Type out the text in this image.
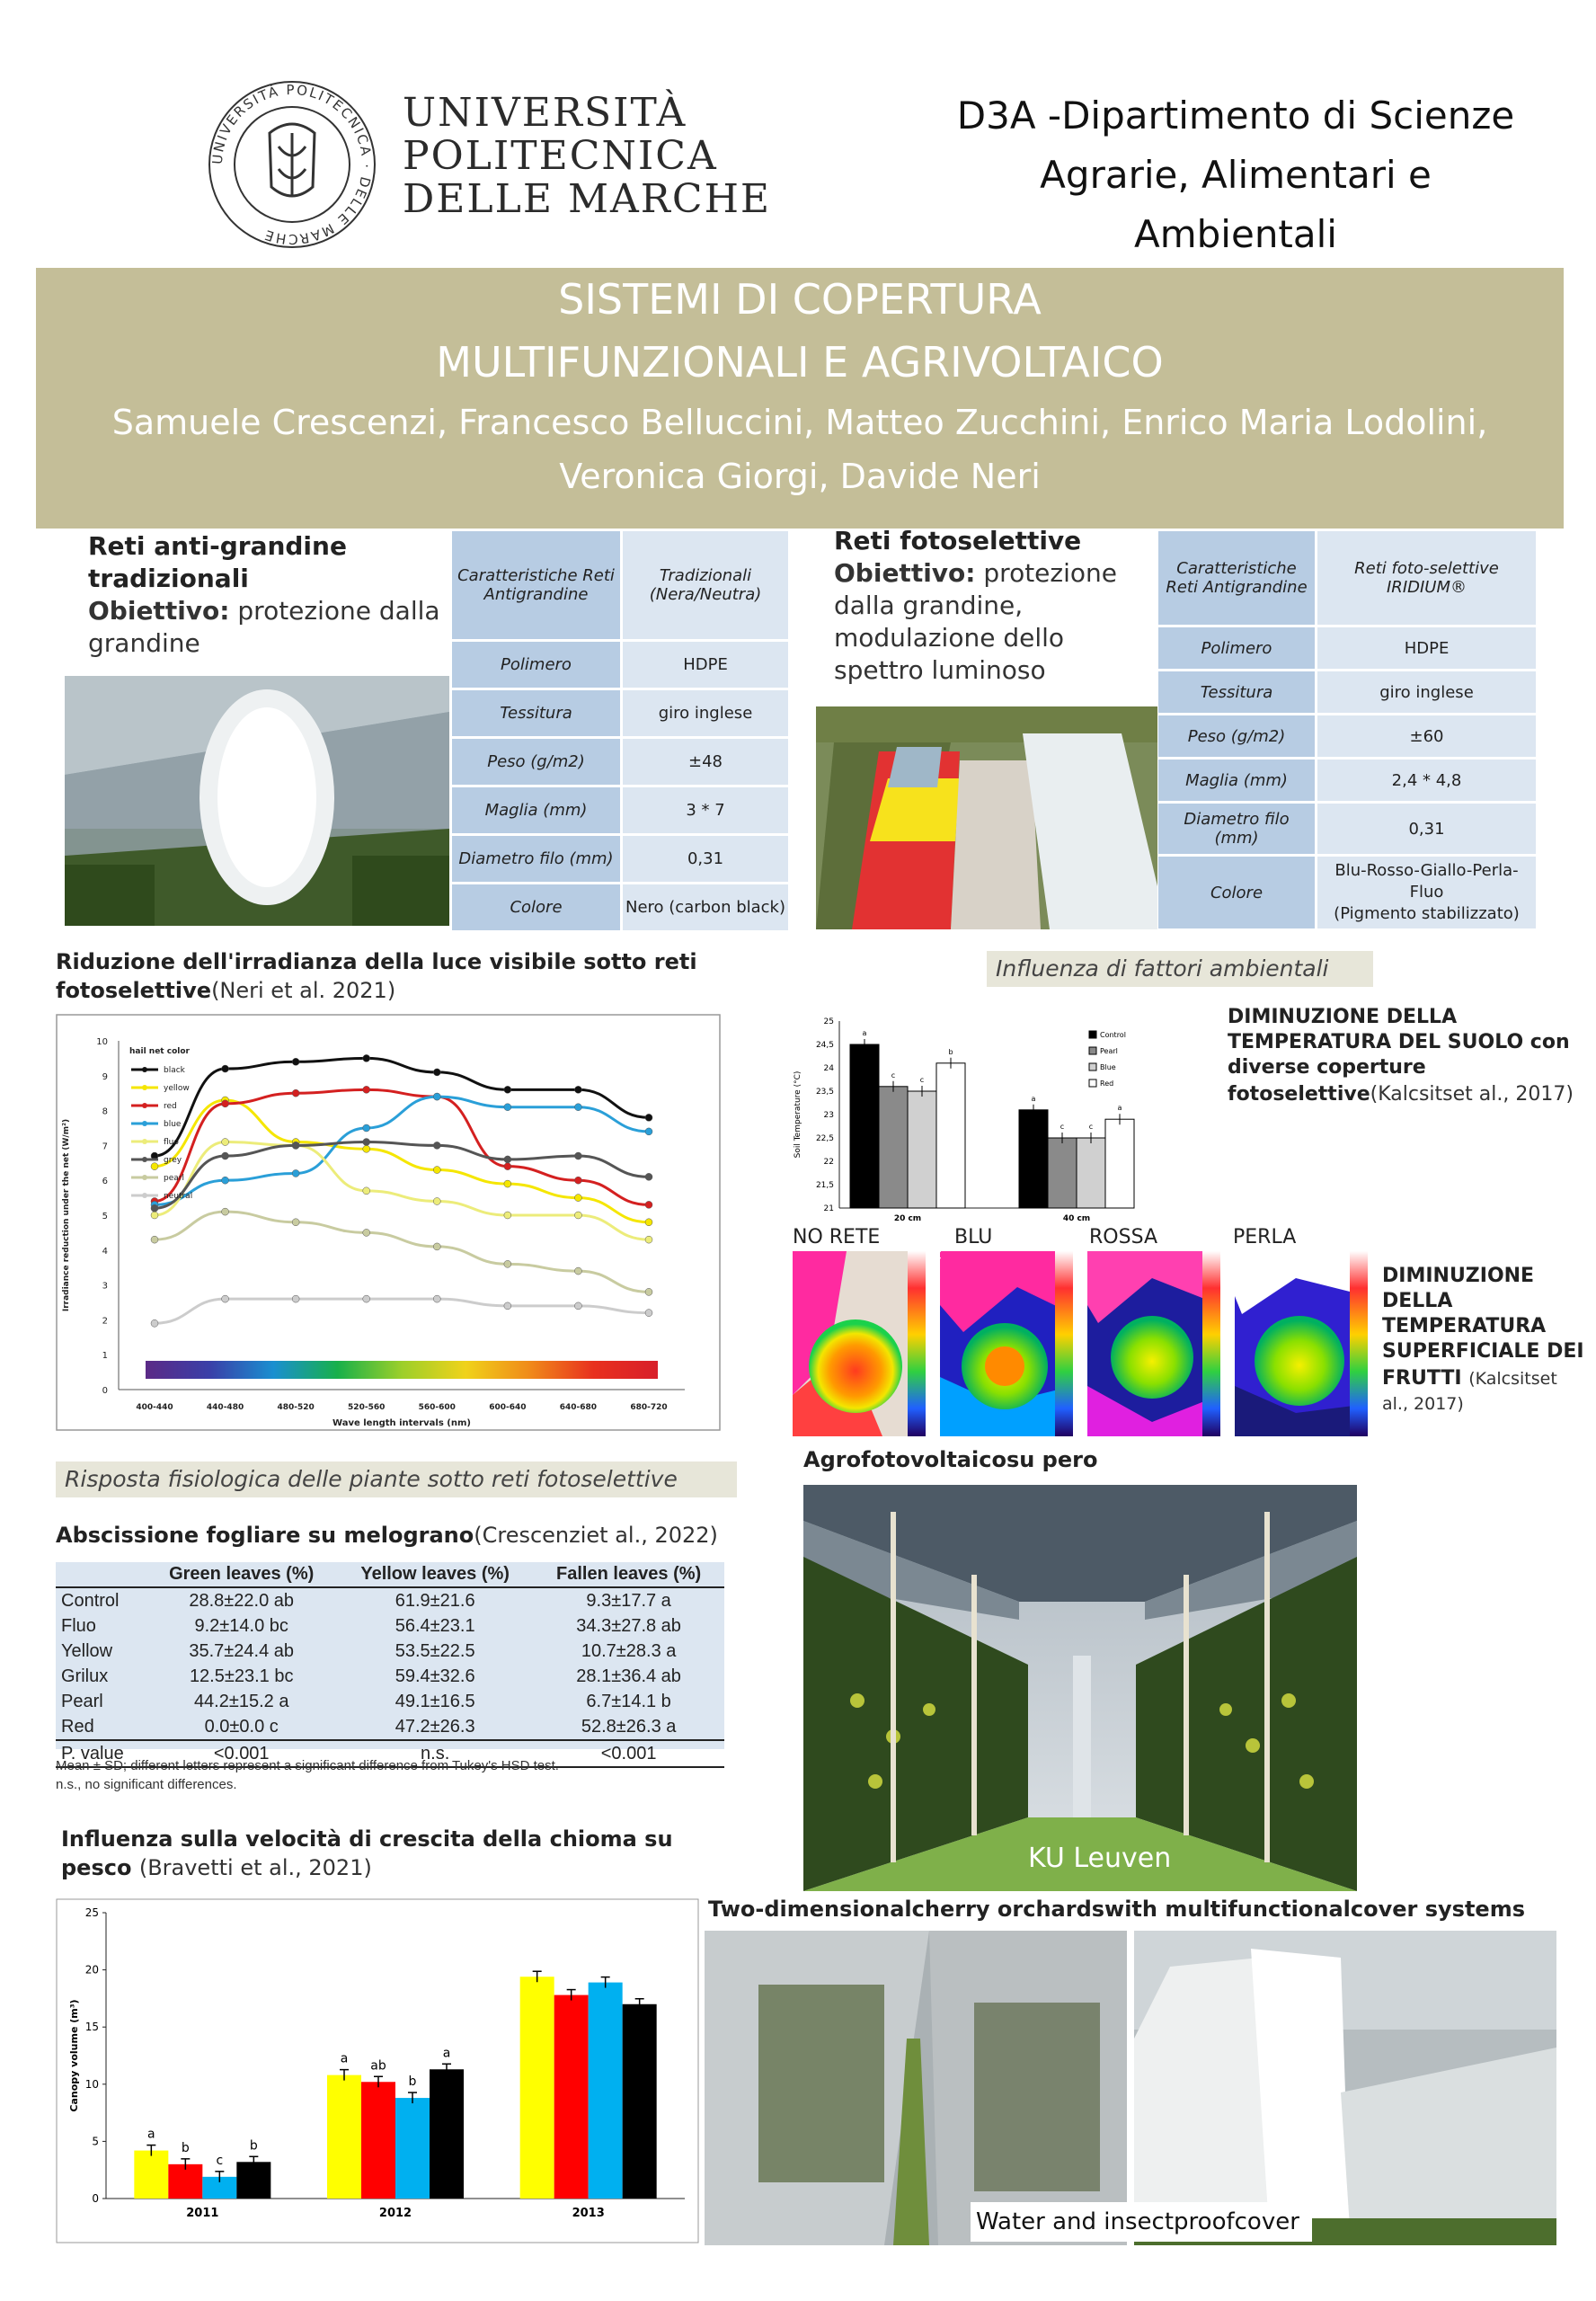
UNIVERSITÀ POLITECNICA · DELLE MARCHE
UNIVERSITÀ
POLITECNICA
DELLE MARCHE
D3A -Dipartimento di Scienze
Agrarie, Alimentari e
Ambientali
SISTEMI DI COPERTURA
MULTIFUNZIONALI E AGRIVOLTAICO
Samuele Crescenzi, Francesco Belluccini, Matteo Zucchini, Enrico Maria Lodolini,
Veronica Giorgi, Davide Neri
Reti anti-grandine
tradizionali
Obiettivo: protezione dalla
grandine
Caratteristiche Reti Antigrandine	Tradizionali (Nera/Neutra)
Polimero	HDPE
Tessitura	giro inglese
Peso (g/m2)	±48
Maglia (mm)	3 * 7
Diametro filo (mm)	0,31
Colore	Nero (carbon black)
Reti fotoselettive
Obiettivo: protezione
dalla grandine,
modulazione dello
spettro luminoso
Caratteristiche Reti Antigrandine	Reti foto-selettive IRIDIUM®
Polimero	HDPE
Tessitura	giro inglese
Peso (g/m2)	±60
Maglia (mm)	2,4 * 4,8
Diametro filo (mm)	0,31
Colore	Blu-Rosso-Giallo-Perla-Fluo
(Pigmento stabilizzato)
Riduzione dell'irradianza della luce visibile sotto reti
fotoselettive(Neri et al. 2021)
0
1
2
3
4
5
6
7
8
9
10
400-440	440-480	480-520	520-560	560-600	600-640	640-680	680-720
Wave length intervals (nm)
Irradiance reduction under the net (W/m²)
hail net color
black
yellow
red
blue
fluo
grey
pearl
neutral
Influenza di fattori ambientali
21
21,5
22
22,5
23
23,5
24
24,5
25
Soil Temperature (°C)
a
c
c
b
20 cm
a
c	c
a
40 cm
Control
Pearl
Blue
Red
DIMINUZIONE DELLA
TEMPERATURA DEL SUOLO con
diverse coperture
fotoselettive(Kalcsitset al., 2017)
NO RETE	BLU	ROSSA	PERLA
°C
DIMINUZIONE
DELLA
TEMPERATURA
SUPERFICIALE DEI
FRUTTI (Kalcsitset
al., 2017)
Agrofotovoltaicosu pero
KU Leuven
Risposta fisiologica delle piante sotto reti fotoselettive
Abscissione fogliare su melograno(Crescenziet al., 2022)
	Green leaves (%)	Yellow leaves (%)	Fallen leaves (%)
Control	28.8±22.0 ab	61.9±21.6	9.3±17.7 a
Fluo	9.2±14.0 bc	56.4±23.1	34.3±27.8 ab
Yellow	35.7±24.4 ab	53.5±22.5	10.7±28.3 a
Grilux	12.5±23.1 bc	59.4±32.6	28.1±36.4 ab
Pearl	44.2±15.2 a	49.1±16.5	6.7±14.1 b
Red	0.0±0.0 c	47.2±26.3	52.8±26.3 a
P. value	<0.001	n.s.	<0.001
Mean ± SD; different letters represent a significant difference from Tukey's HSD test.
n.s., no significant differences.
Influenza sulla velocità di crescita della chioma su
pesco (Bravetti et al., 2021)
0
5
10
15
20
25
Canopy volume (m³)
a
b
c
b
2011
a ab
b
a
2012	2013
Two-dimensionalcherry orchardswith multifunctionalcover systems
Water and insectproofcover
